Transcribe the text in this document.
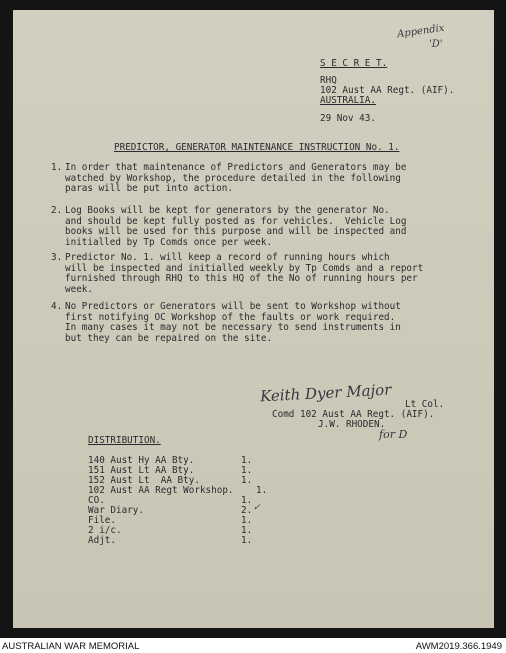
Appendix
'D'
S E C R E T.
RHQ
102 Aust AA Regt. (AIF).
AUSTRALIA.
29 Nov 43.
PREDICTOR, GENERATOR MAINTENANCE INSTRUCTION No. 1.
1. In order that maintenance of Predictors and Generators may be
watched by Workshop, the procedure detailed in the following
paras will be put into action.
2. Log Books will be kept for generators by the generator No.
and should be kept fully posted as for vehicles.  Vehicle Log
books will be used for this purpose and will be inspected and
initialled by Tp Comds once per week.
3. Predictor No. 1. will keep a record of running hours which
will be inspected and initialled weekly by Tp Comds and a report
furnished through RHQ to this HQ of the No of running hours per
week.
4. No Predictors or Generators will be sent to Workshop without
first notifying OC Workshop of the faults or work required.
In many cases it may not be necessary to send instruments in
but they can be repaired on the site.
Keith Dyer Major Lt Col.
Comd 102 Aust AA Regt. (AIF).
J.W. RHODEN.
for D
DISTRIBUTION.
140 Aust Hy AA Bty.	1.
151 Aust Lt AA Bty.	1.
152 Aust Lt  AA Bty.	1.
102 Aust AA Regt Workshop. 1.
CO.	1.
War Diary.	2. ✓
File.	1.
2 i/c.	1.
Adjt.	1.
AUSTRALIAN WAR MEMORIAL	AWM2019.366.1949
